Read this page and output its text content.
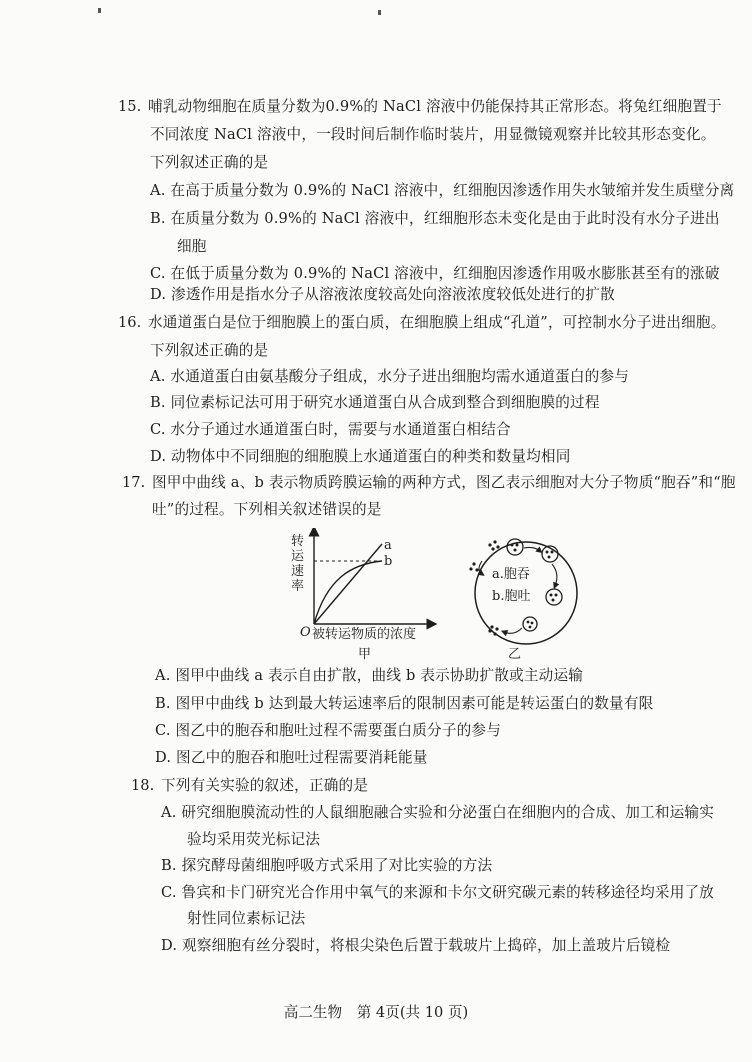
15. 哺乳动物细胞在质量分数为0.9%的 NaCl 溶液中仍能保持其正常形态。将兔红细胞置于
不同浓度 NaCl 溶液中，一段时间后制作临时装片，用显微镜观察并比较其形态变化。
下列叙述正确的是
A. 在高于质量分数为 0.9%的 NaCl 溶液中，红细胞因渗透作用失水皱缩并发生质壁分离
B. 在质量分数为 0.9%的 NaCl 溶液中，红细胞形态未变化是由于此时没有水分子进出
细胞
C. 在低于质量分数为 0.9%的 NaCl 溶液中，红细胞因渗透作用吸水膨胀甚至有的涨破
D. 渗透作用是指水分子从溶液浓度较高处向溶液浓度较低处进行的扩散
16. 水通道蛋白是位于细胞膜上的蛋白质，在细胞膜上组成“孔道”，可控制水分子进出细胞。
下列叙述正确的是
A. 水通道蛋白由氨基酸分子组成，水分子进出细胞均需水通道蛋白的参与
B. 同位素标记法可用于研究水通道蛋白从合成到整合到细胞膜的过程
C. 水分子通过水通道蛋白时，需要与水通道蛋白相结合
D. 动物体中不同细胞的细胞膜上水通道蛋白的种类和数量均相同
17. 图甲中曲线 a、b 表示物质跨膜运输的两种方式，图乙表示细胞对大分子物质“胞吞”和“胞
吐”的过程。下列相关叙述错误的是
转
运
速
率
a
b
O 被转运物质的浓度
甲
a.胞吞
b.胞吐
乙
A. 图甲中曲线 a 表示自由扩散，曲线 b 表示协助扩散或主动运输
B. 图甲中曲线 b 达到最大转运速率后的限制因素可能是转运蛋白的数量有限
C. 图乙中的胞吞和胞吐过程不需要蛋白质分子的参与
D. 图乙中的胞吞和胞吐过程需要消耗能量
18. 下列有关实验的叙述，正确的是
A. 研究细胞膜流动性的人鼠细胞融合实验和分泌蛋白在细胞内的合成、加工和运输实
验均采用荧光标记法
B. 探究酵母菌细胞呼吸方式采用了对比实验的方法
C. 鲁宾和卡门研究光合作用中氧气的来源和卡尔文研究碳元素的转移途径均采用了放
射性同位素标记法
D. 观察细胞有丝分裂时，将根尖染色后置于载玻片上捣碎，加上盖玻片后镜检
高二生物　第 4页(共 10 页)
